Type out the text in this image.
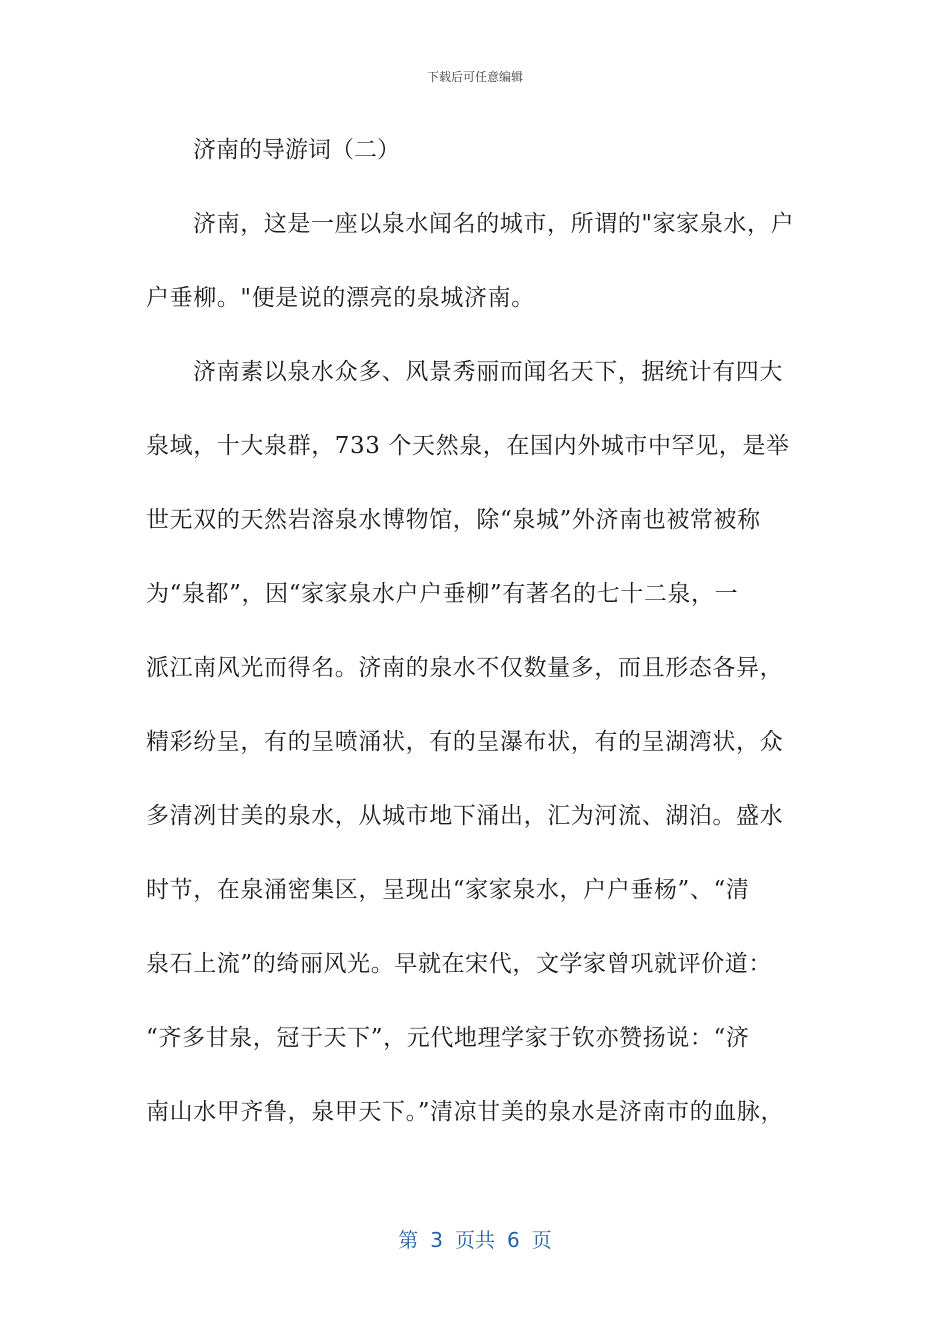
下载后可任意编辑
济南的导游词（二）
济南，这是一座以泉水闻名的城市，所谓的"家家泉水，户
户垂柳。"便是说的漂亮的泉城济南。
济南素以泉水众多、风景秀丽而闻名天下，据统计有四大
泉域，十大泉群，733 个天然泉，在国内外城市中罕见，是举
世无双的天然岩溶泉水博物馆，除“泉城”外济南也被常被称
为“泉都”，因“家家泉水户户垂柳”有著名的七十二泉，一
派江南风光而得名。济南的泉水不仅数量多，而且形态各异，
精彩纷呈，有的呈喷涌状，有的呈瀑布状，有的呈湖湾状，众
多清冽甘美的泉水，从城市地下涌出，汇为河流、湖泊。盛水
时节，在泉涌密集区，呈现出“家家泉水，户户垂杨”、“清
泉石上流”的绮丽风光。早就在宋代，文学家曾巩就评价道：
“齐多甘泉，冠于天下”，元代地理学家于钦亦赞扬说：“济
南山水甲齐鲁，泉甲天下。”清凉甘美的泉水是济南市的血脉，
第 3 页共 6 页
